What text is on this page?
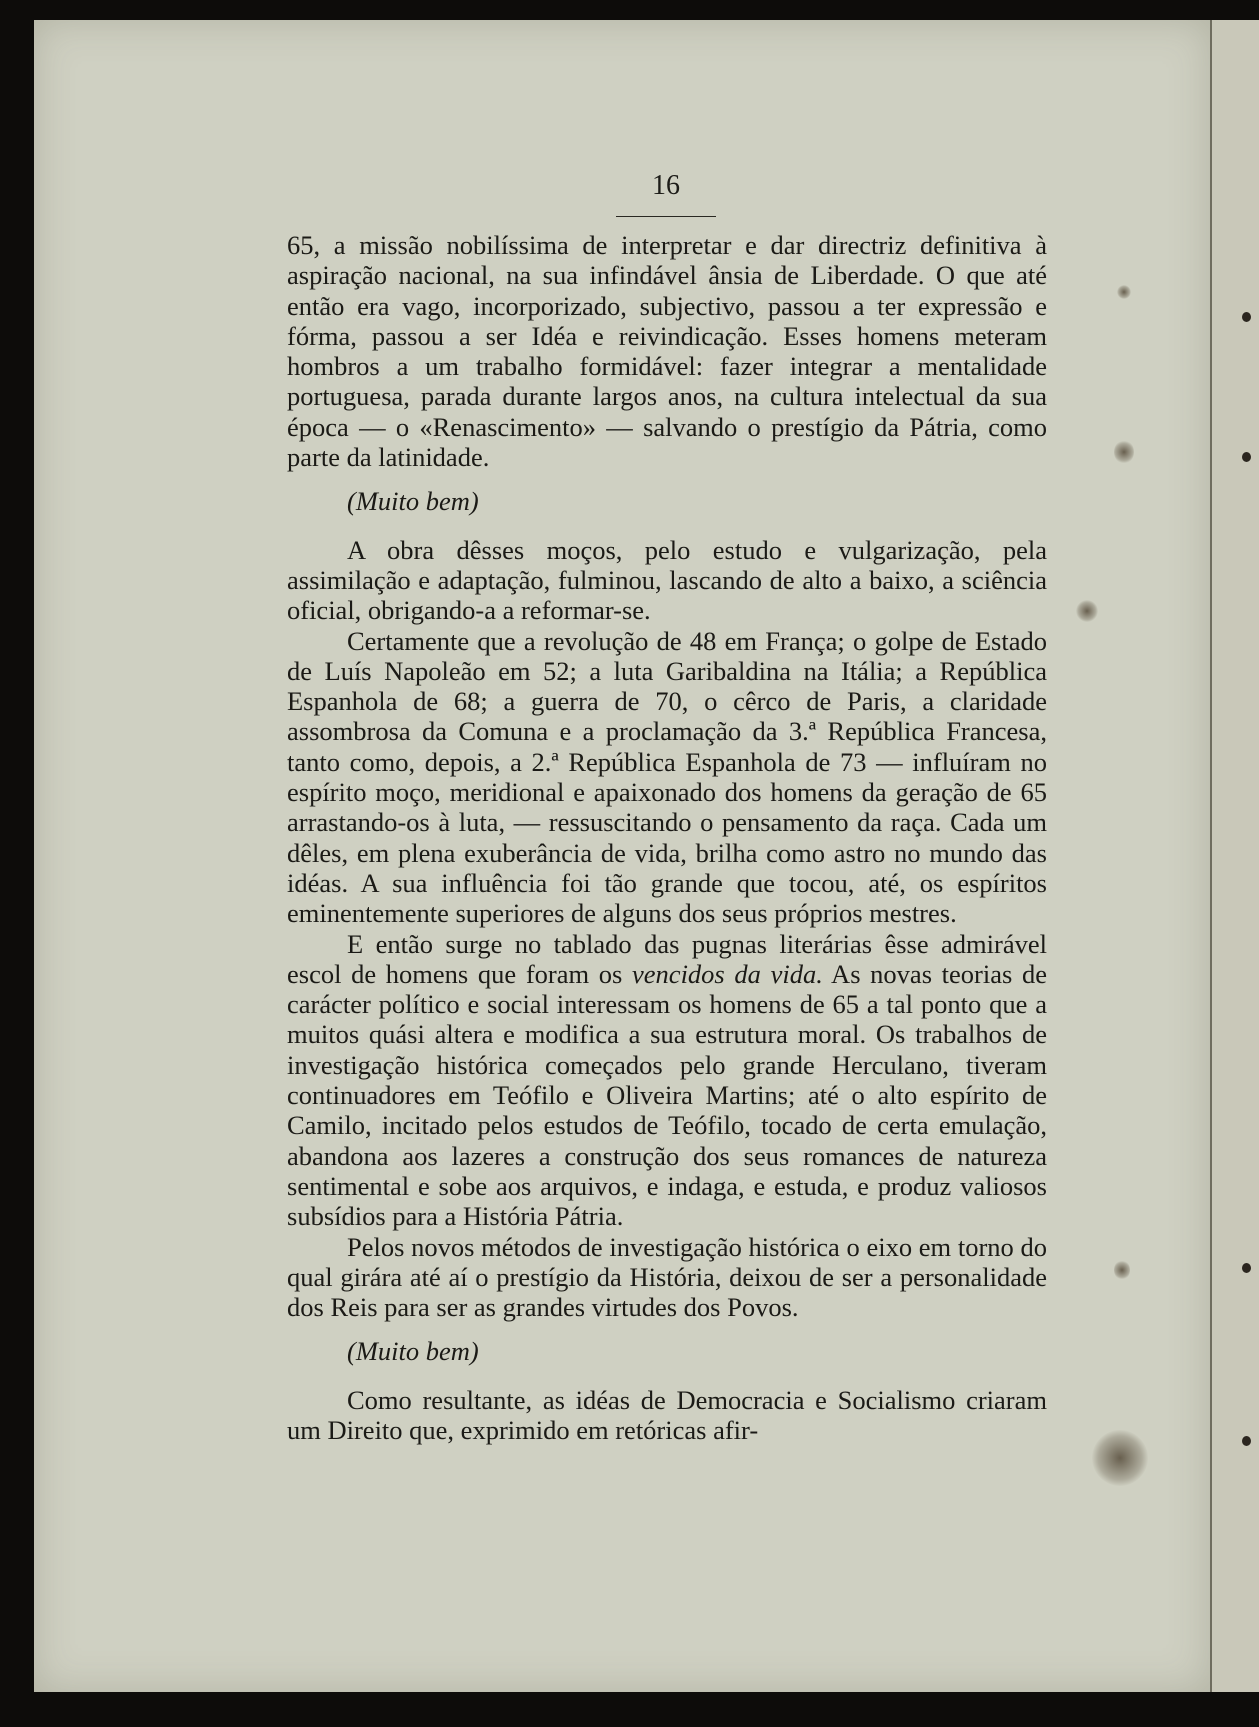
16

65, a missão nobilíssima de interpretar e dar directriz definitiva à aspiração nacional, na sua infindável ânsia de Liberdade. O que até então era vago, incorporizado, subjectivo, passou a ter expressão e fórma, passou a ser Idéa e reivindicação. Esses homens meteram hombros a um trabalho formidável: fazer integrar a mentalidade portuguesa, parada durante largos anos, na cultura intelectual da sua época — o «Renascimento» — salvando o prestígio da Pátria, como parte da latinidade.

(Muito bem)

A obra dêsses moços, pelo estudo e vulgarização, pela assimilação e adaptação, fulminou, lascando de alto a baixo, a sciência oficial, obrigando-a a reformar-se.

Certamente que a revolução de 48 em França; o golpe de Estado de Luís Napoleão em 52; a luta Garibaldina na Itália; a República Espanhola de 68; a guerra de 70, o cêrco de Paris, a claridade assombrosa da Comuna e a proclamação da 3.ª República Francesa, tanto como, depois, a 2.ª República Espanhola de 73 — influíram no espírito moço, meridional e apaixonado dos homens da geração de 65 arrastando-os à luta, — ressuscitando o pensamento da raça. Cada um dêles, em plena exuberância de vida, brilha como astro no mundo das idéas. A sua influência foi tão grande que tocou, até, os espíritos eminentemente superiores de alguns dos seus próprios mestres.

E então surge no tablado das pugnas literárias êsse admirável escol de homens que foram os vencidos da vida. As novas teorias de carácter político e social interessam os homens de 65 a tal ponto que a muitos quási altera e modifica a sua estrutura moral. Os trabalhos de investigação histórica começados pelo grande Herculano, tiveram continuadores em Teófilo e Oliveira Martins; até o alto espírito de Camilo, incitado pelos estudos de Teófilo, tocado de certa emulação, abandona aos lazeres a construção dos seus romances de natureza sentimental e sobe aos arquivos, e indaga, e estuda, e produz valiosos subsídios para a História Pátria.

Pelos novos métodos de investigação histórica o eixo em torno do qual girára até aí o prestígio da História, deixou de ser a personalidade dos Reis para ser as grandes virtudes dos Povos.

(Muito bem)

Como resultante, as idéas de Democracia e Socialismo criaram um Direito que, exprimido em retóricas afir-
